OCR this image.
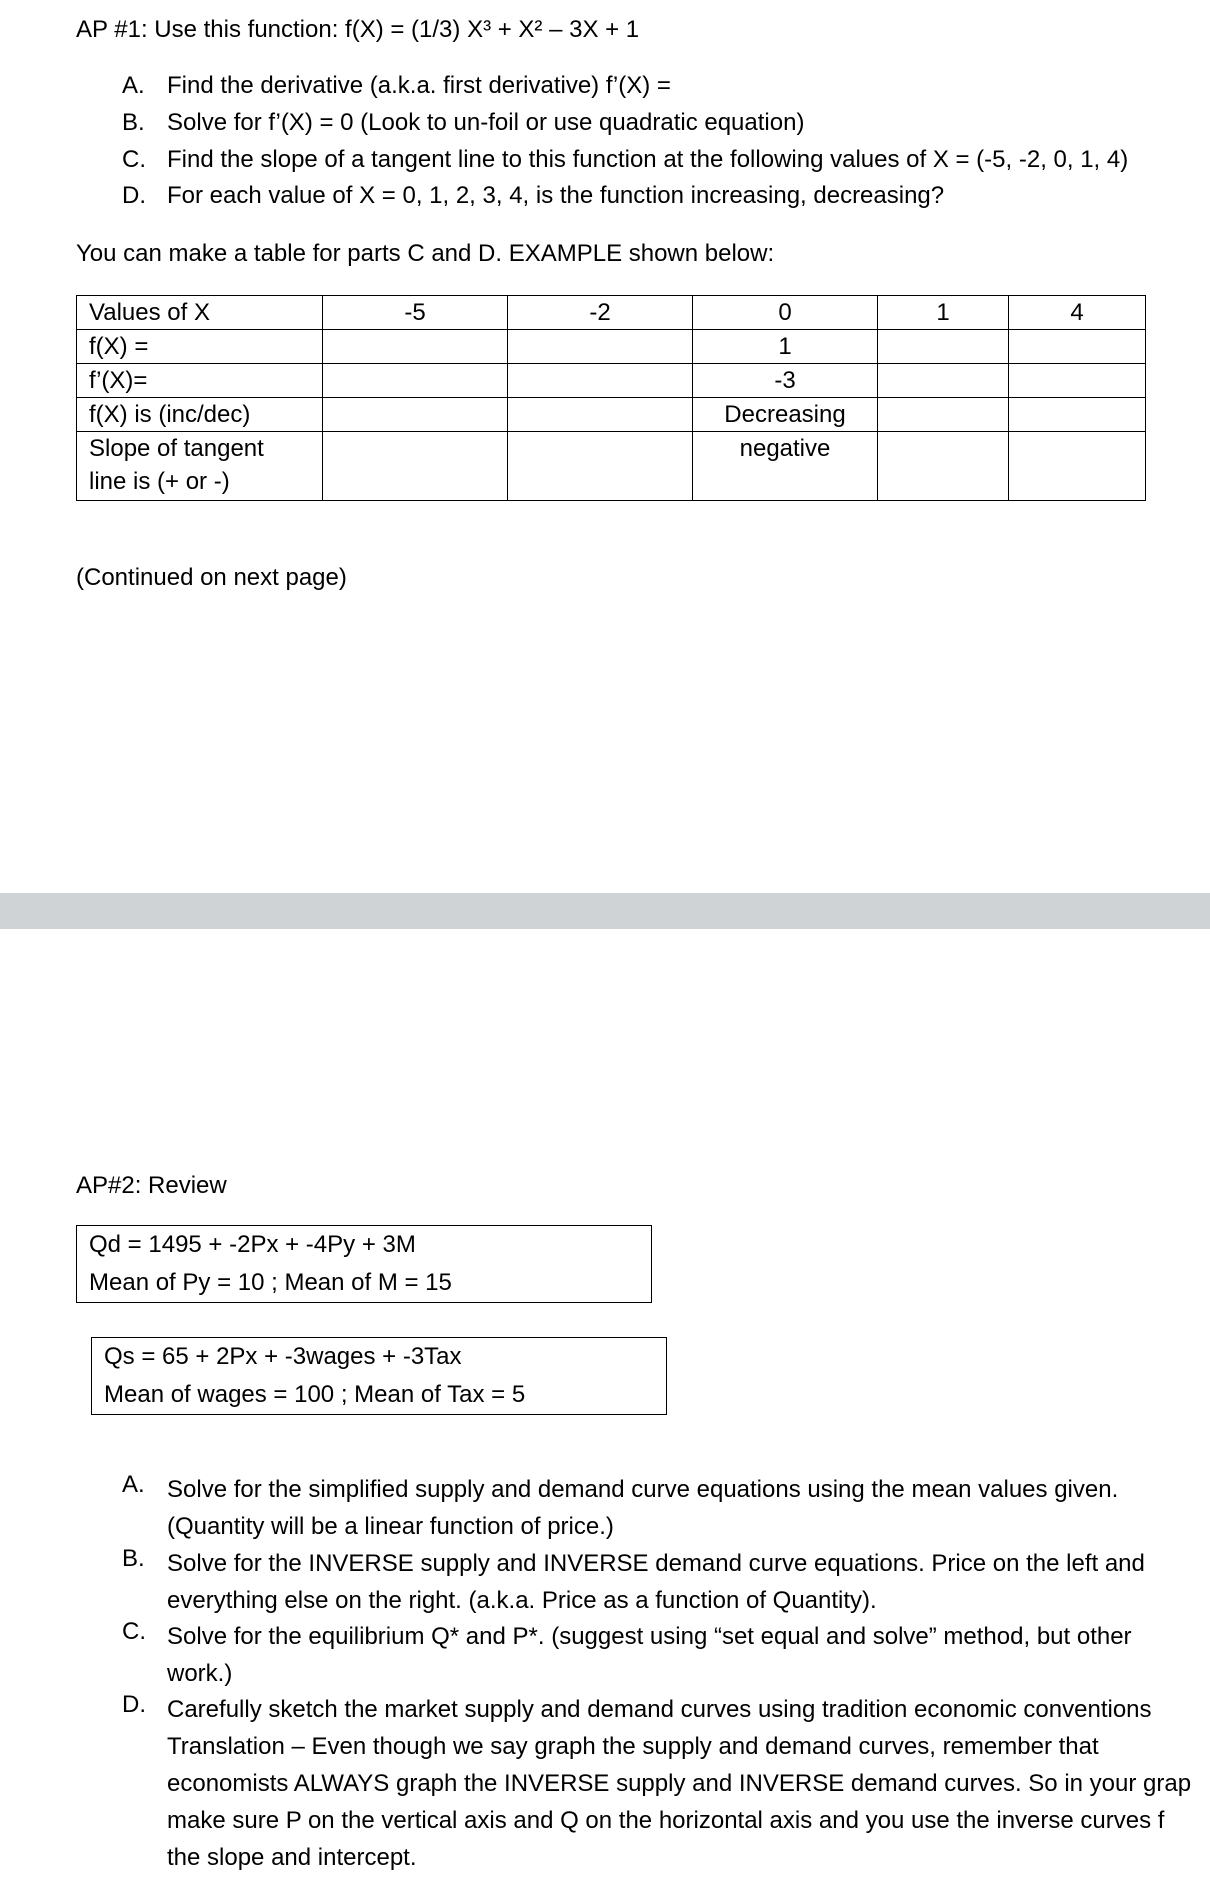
AP #1: Use this function: f(X) = (1/3) X³ + X² – 3X + 1
A. Find the derivative (a.k.a. first derivative) f’(X) =
B. Solve for f’(X) = 0 (Look to un-foil or use quadratic equation)
C. Find the slope of a tangent line to this function at the following values of X = (-5, -2, 0, 1, 4)
D. For each value of X = 0, 1, 2, 3, 4, is the function increasing, decreasing?
You can make a table for parts C and D. EXAMPLE shown below:
Values of X	-5	-2	0	1	4
f(X) =			1		
f’(X)=			-3		
f(X) is (inc/dec)			Decreasing		

Slope of tangent
line is (+ or -)			negative		
(Continued on next page)
AP#2: Review
Qd = 1495 + -2Px + -4Py + 3M
Mean of Py = 10 ; Mean of M = 15
Qs = 65 + 2Px + -3wages + -3Tax
Mean of wages = 100 ; Mean of Tax = 5
A. Solve for the simplified supply and demand curve equations using the mean values given.
(Quantity will be a linear function of price.)
B. Solve for the INVERSE supply and INVERSE demand curve equations. Price on the left and
everything else on the right. (a.k.a. Price as a function of Quantity).
C. Solve for the equilibrium Q* and P*. (suggest using “set equal and solve” method, but other
work.)
D. Carefully sketch the market supply and demand curves using tradition economic conventions
Translation – Even though we say graph the supply and demand curves, remember that
economists ALWAYS graph the INVERSE supply and INVERSE demand curves. So in your grap
make sure P on the vertical axis and Q on the horizontal axis and you use the inverse curves f
the slope and intercept.
